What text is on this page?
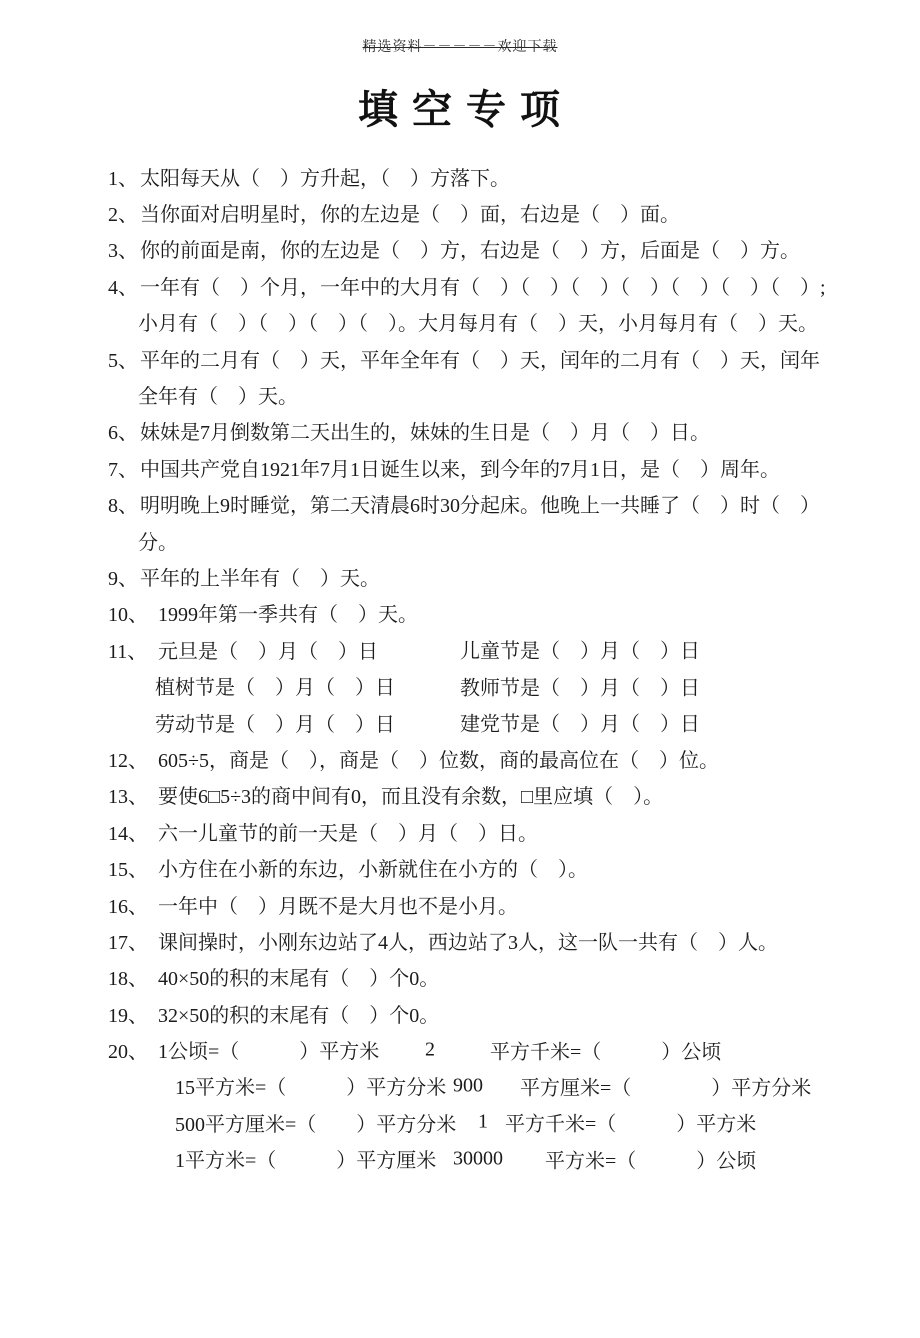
精选资料－－－－－欢迎下载
填 空 专 项
1、 太阳每天从（　）方升起，（　）方落下。
2、 当你面对启明星时，你的左边是（　）面，右边是（　）面。
3、 你的前面是南，你的左边是（　）方，右边是（　）方，后面是（　）方。
4、 一年有（　）个月，一年中的大月有（　）（　）（　）（　）（　）（　）（　）;
小月有（　）（　）（　）（　）。大月每月有（　）天，小月每月有（　）天。
5、 平年的二月有（　）天，平年全年有（　）天，闰年的二月有（　）天，闰年
全年有（　）天。
6、 妹妹是7月倒数第二天出生的，妹妹的生日是（　）月（　）日。
7、 中国共产党自1921年7月1日诞生以来，到今年的7月1日，是（　）周年。
8、 明明晚上9时睡觉，第二天清晨6时30分起床。他晚上一共睡了（　）时（　）
分。
9、 平年的上半年有（　）天。
10、 1999年第一季共有（　）天。
11、 元旦是（　）月（　）日	儿童节是（　）月（　）日
植树节是（　）月（　）日	教师节是（　）月（　）日
劳动节是（　）月（　）日	建党节是（　）月（　）日
12、 605÷5，商是（　），商是（　）位数，商的最高位在（　）位。
13、 要使6□5÷3的商中间有0，而且没有余数，□里应填（　）。
14、 六一儿童节的前一天是（　）月（　）日。
15、 小方住在小新的东边，小新就住在小方的（　）。
16、 一年中（　）月既不是大月也不是小月。
17、 课间操时，小刚东边站了4人，西边站了3人，这一队一共有（　）人。
18、 40×50的积的末尾有（　）个0。
19、 32×50的积的末尾有（　）个0。
20、 1公顷=（　　　）平方米 2	平方千米=（　　　）公顷
15平方米=（　　　）平方分米 900 平方厘米=（　　　　）平方分米
500平方厘米=（　　）平方分米 1 平方千米=（　　　）平方米
1平方米=（　　　）平方厘米 30000 平方米=（　　　）公顷
